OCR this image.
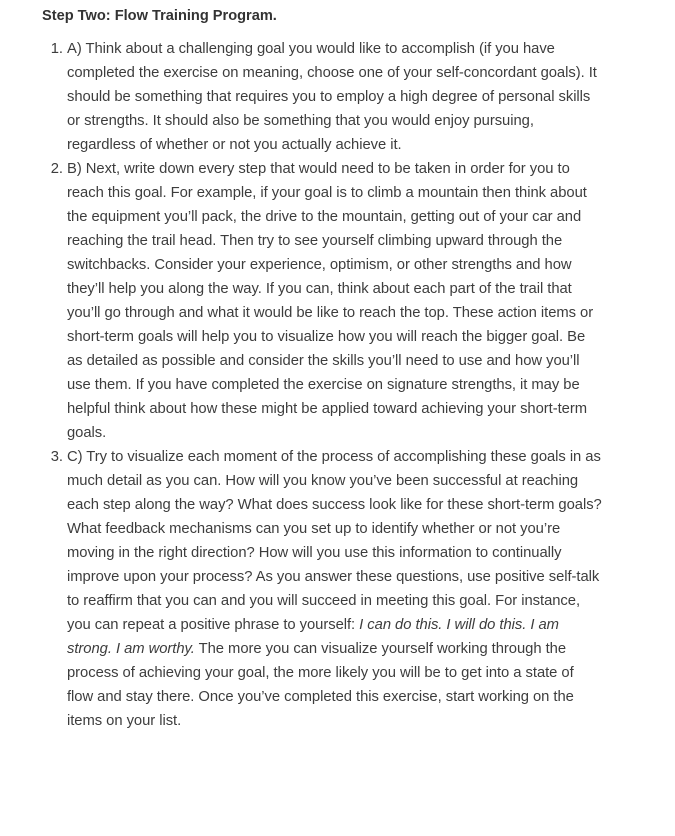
Step Two: Flow Training Program.
1. A) Think about a challenging goal you would like to accomplish (if you have completed the exercise on meaning, choose one of your self-concordant goals). It should be something that requires you to employ a high degree of personal skills or strengths. It should also be something that you would enjoy pursuing, regardless of whether or not you actually achieve it.
2. B) Next, write down every step that would need to be taken in order for you to reach this goal. For example, if your goal is to climb a mountain then think about the equipment you’ll pack, the drive to the mountain, getting out of your car and reaching the trail head. Then try to see yourself climbing upward through the switchbacks. Consider your experience, optimism, or other strengths and how they’ll help you along the way. If you can, think about each part of the trail that you’ll go through and what it would be like to reach the top. These action items or short-term goals will help you to visualize how you will reach the bigger goal. Be as detailed as possible and consider the skills you’ll need to use and how you’ll use them. If you have completed the exercise on signature strengths, it may be helpful think about how these might be applied toward achieving your short-term goals.
3. C) Try to visualize each moment of the process of accomplishing these goals in as much detail as you can. How will you know you’ve been successful at reaching each step along the way? What does success look like for these short-term goals? What feedback mechanisms can you set up to identify whether or not you’re moving in the right direction? How will you use this information to continually improve upon your process? As you answer these questions, use positive self-talk to reaffirm that you can and you will succeed in meeting this goal. For instance, you can repeat a positive phrase to yourself: I can do this. I will do this. I am strong. I am worthy. The more you can visualize yourself working through the process of achieving your goal, the more likely you will be to get into a state of flow and stay there. Once you’ve completed this exercise, start working on the items on your list.
